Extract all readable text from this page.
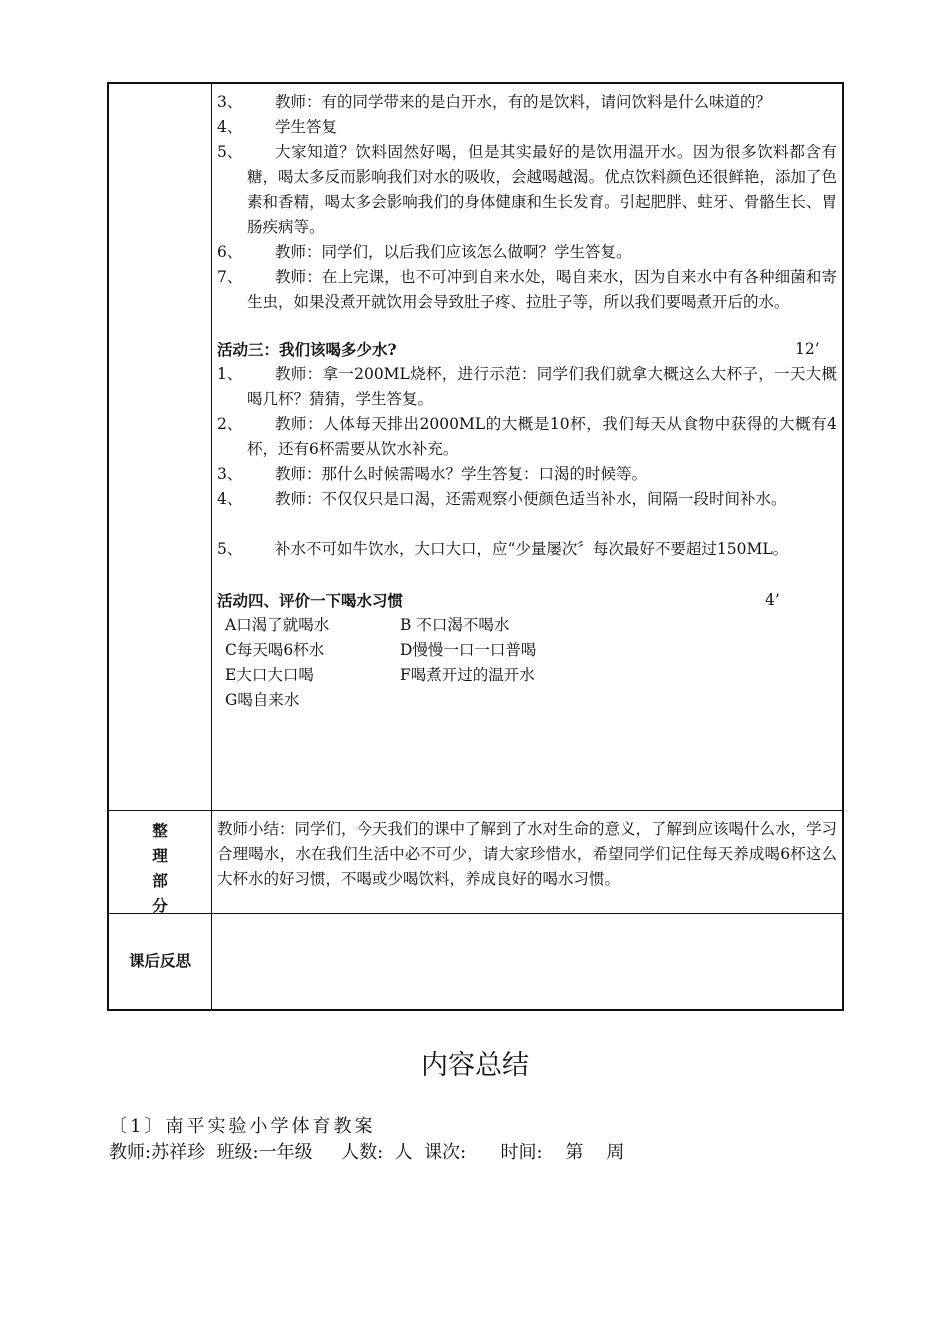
3、	教师：有的同学带来的是白开水，有的是饮料，请问饮料是什么味道的？
4、	学生答复
5、	大家知道？饮料固然好喝，但是其实最好的是饮用温开水。因为很多饮料都含有糖，喝太多反而影响我们对水的吸收，会越喝越渴。优点饮料颜色还很鲜艳，添加了色素和香精，喝太多会影响我们的身体健康和生长发育。引起肥胖、蛀牙、骨骼生长、胃肠疾病等。
6、	教师：同学们，以后我们应该怎么做啊？学生答复。
7、	教师：在上完课，也不可冲到自来水处，喝自来水，因为自来水中有各种细菌和寄生虫，如果没煮开就饮用会导致肚子疼、拉肚子等，所以我们要喝煮开后的水。
活动三：我们该喝多少水?	12’
1、	教师：拿一200ML烧杯，进行示范：同学们我们就拿大概这么大杯子，一天大概喝几杯？猜猜，学生答复。
2、	教师：人体每天排出2000ML的大概是10杯，我们每天从食物中获得的大概有4杯，还有6杯需要从饮水补充。
3、	教师：那什么时候需喝水？学生答复：口渴的时候等。
4、	教师：不仅仅只是口渴，还需观察小便颜色适当补水，间隔一段时间补水。
5、	补水不可如牛饮水，大口大口，应“少量屡次〞每次最好不要超过150ML。
活动四、评价一下喝水习惯	4’
A口渴了就喝水	B 不口渴不喝水
C每天喝6杯水	D慢慢一口一口普喝
E大口大口喝	F喝煮开过的温开水
G喝自来水
整
理
部
分
教师小结：同学们，今天我们的课中了解到了水对生命的意义，了解到应该喝什么水，学习合理喝水，水在我们生活中必不可少，请大家珍惜水，希望同学们记住每天养成喝6杯这么大杯水的好习惯，不喝或少喝饮料，养成良好的喝水习惯。
课后反思
内容总结
〔1〕南平实验小学体育教案
教师:苏祥珍  班级:一年级     人数:  人  课次:      时间:    第    周
